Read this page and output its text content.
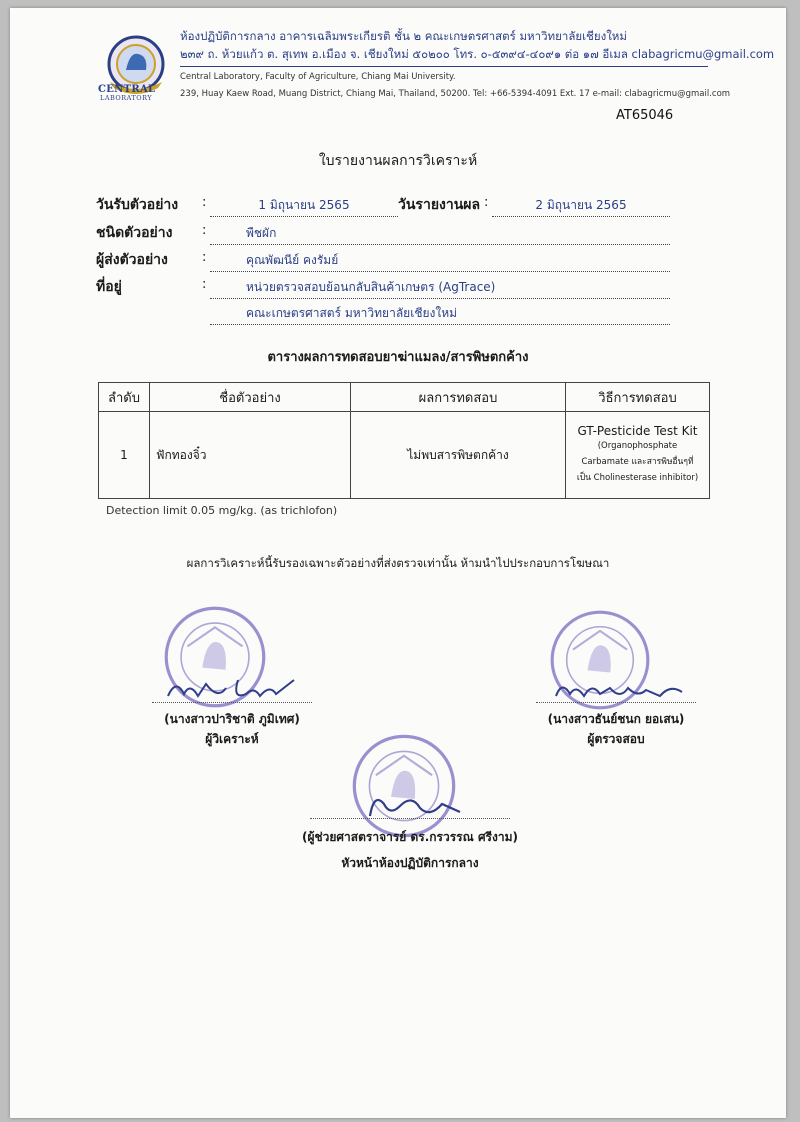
CENTRAL
LABORATORY
ห้องปฏิบัติการกลาง อาคารเฉลิมพระเกียรติ ชั้น ๒ คณะเกษตรศาสตร์ มหาวิทยาลัยเชียงใหม่
๒๓๙ ถ. ห้วยแก้ว ต. สุเทพ อ.เมือง จ. เชียงใหม่ ๕๐๒๐๐ โทร. ๐-๕๓๙๔-๔๐๙๑ ต่อ ๑๗ อีเมล clabagricmu@gmail.com
Central Laboratory, Faculty of Agriculture, Chiang Mai University.
239, Huay Kaew Road, Muang District, Chiang Mai, Thailand, 50200. Tel: +66-5394-4091 Ext. 17 e-mail: clabagricmu@gmail.com
AT65046
ใบรายงานผลการวิเคราะห์
วันรับตัวอย่าง :	1 มิถุนายน 2565	วันรายงานผล :	2 มิถุนายน 2565
ชนิดตัวอย่าง :	พืชผัก
ผู้ส่งตัวอย่าง	:	คุณพัฒนีย์ คงรัมย์
ที่อยู่	:	หน่วยตรวจสอบย้อนกลับสินค้าเกษตร (AgTrace)
คณะเกษตรศาสตร์ มหาวิทยาลัยเชียงใหม่
ตารางผลการทดสอบยาฆ่าแมลง/สารพิษตกค้าง
ลำดับ	ชื่อตัวอย่าง	ผลการทดสอบ	วิธีการทดสอบ
1	ฟักทองจิ๋ว	ไม่พบสารพิษตกค้าง	GT-Pesticide Test Kit
(Organophosphate
Carbamate และสารพิษอื่นๆที่
เป็น Cholinesterase inhibitor)
Detection limit 0.05 mg/kg. (as trichlofon)
ผลการวิเคราะห์นี้รับรองเฉพาะตัวอย่างที่ส่งตรวจเท่านั้น ห้ามนำไปประกอบการโฆษณา
(นางสาวปาริชาติ ภูมิเทศ)
ผู้วิเคราะห์
(นางสาวธันย์ชนก ยอเสน)
ผู้ตรวจสอบ
(ผู้ช่วยศาสตราจารย์ ดร.กรวรรณ ศรีงาม)
หัวหน้าห้องปฏิบัติการกลาง
